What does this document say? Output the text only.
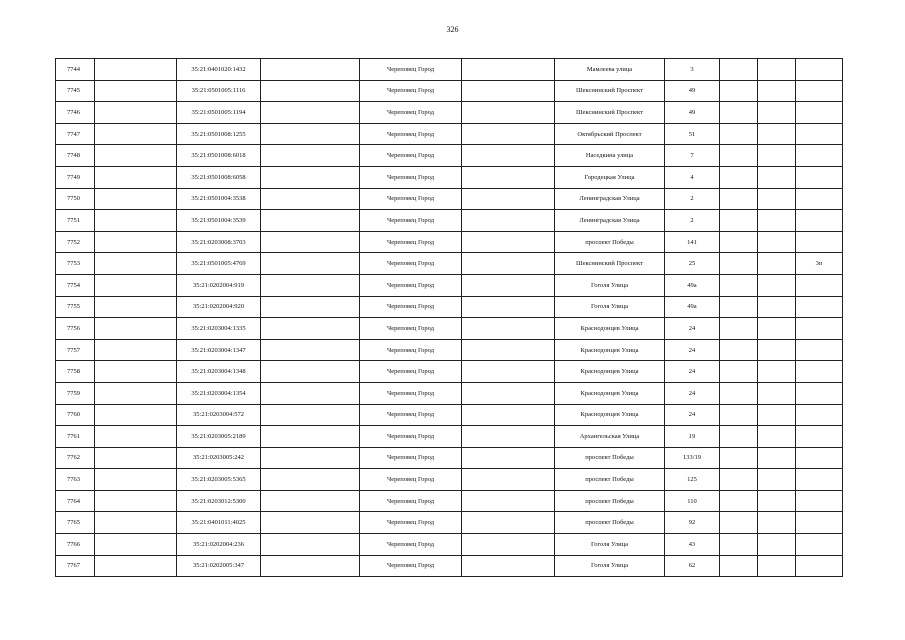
326
7744		35:21:0401020:1432		Череповец Город		Мамлеева улица	3			
7745		35:21:0501005:1116		Череповец Город		Шекснинский Проспект	49			
7746		35:21:0501005:1194		Череповец Город		Шекснинский Проспект	49			
7747		35:21:0501008:1255		Череповец Город		Октябрьский Проспект	51			
7748		35:21:0501008:6018		Череповец Город		Наседкина улица	7			
7749		35:21:0501008:6058		Череповец Город		Городецкая Улица	4			
7750		35:21:0501004:3538		Череповец Город		Ленинградская Улица	2			
7751		35:21:0501004:3539		Череповец Город		Ленинградская Улица	2			
7752		35:21:0203008:3703		Череповец Город		проспект Победы	141			
7753		35:21:0501005:4769		Череповец Город		Шекснинский Проспект	25			3п
7754		35:21:0202004:919		Череповец Город		Гоголя Улица	49а			
7755		35:21:0202004:920		Череповец Город		Гоголя Улица	49а			
7756		35:21:0203004:1335		Череповец Город		Краснодонцев Улица	24			
7757		35:21:0203004:1347		Череповец Город		Краснодонцев Улица	24			
7758		35:21:0203004:1348		Череповец Город		Краснодонцев Улица	24			
7759		35:21:0203004:1354		Череповец Город		Краснодонцев Улица	24			
7760		35:21:0203004:572		Череповец Город		Краснодонцев Улица	24			
7761		35:21:0203005:2189		Череповец Город		Архангельская Улица	19			
7762		35:21:0203005:242		Череповец Город		проспект Победы	133/19			
7763		35:21:0203005:5365		Череповец Город		проспект Победы	125			
7764		35:21:0203012:5300		Череповец Город		проспект Победы	110			
7765		35:21:0401011:4025		Череповец Город		проспект Победы	92			
7766		35:21:0202004:236		Череповец Город		Гоголя Улица	43			
7767		35:21:0202005:347		Череповец Город		Гоголя Улица	62			
